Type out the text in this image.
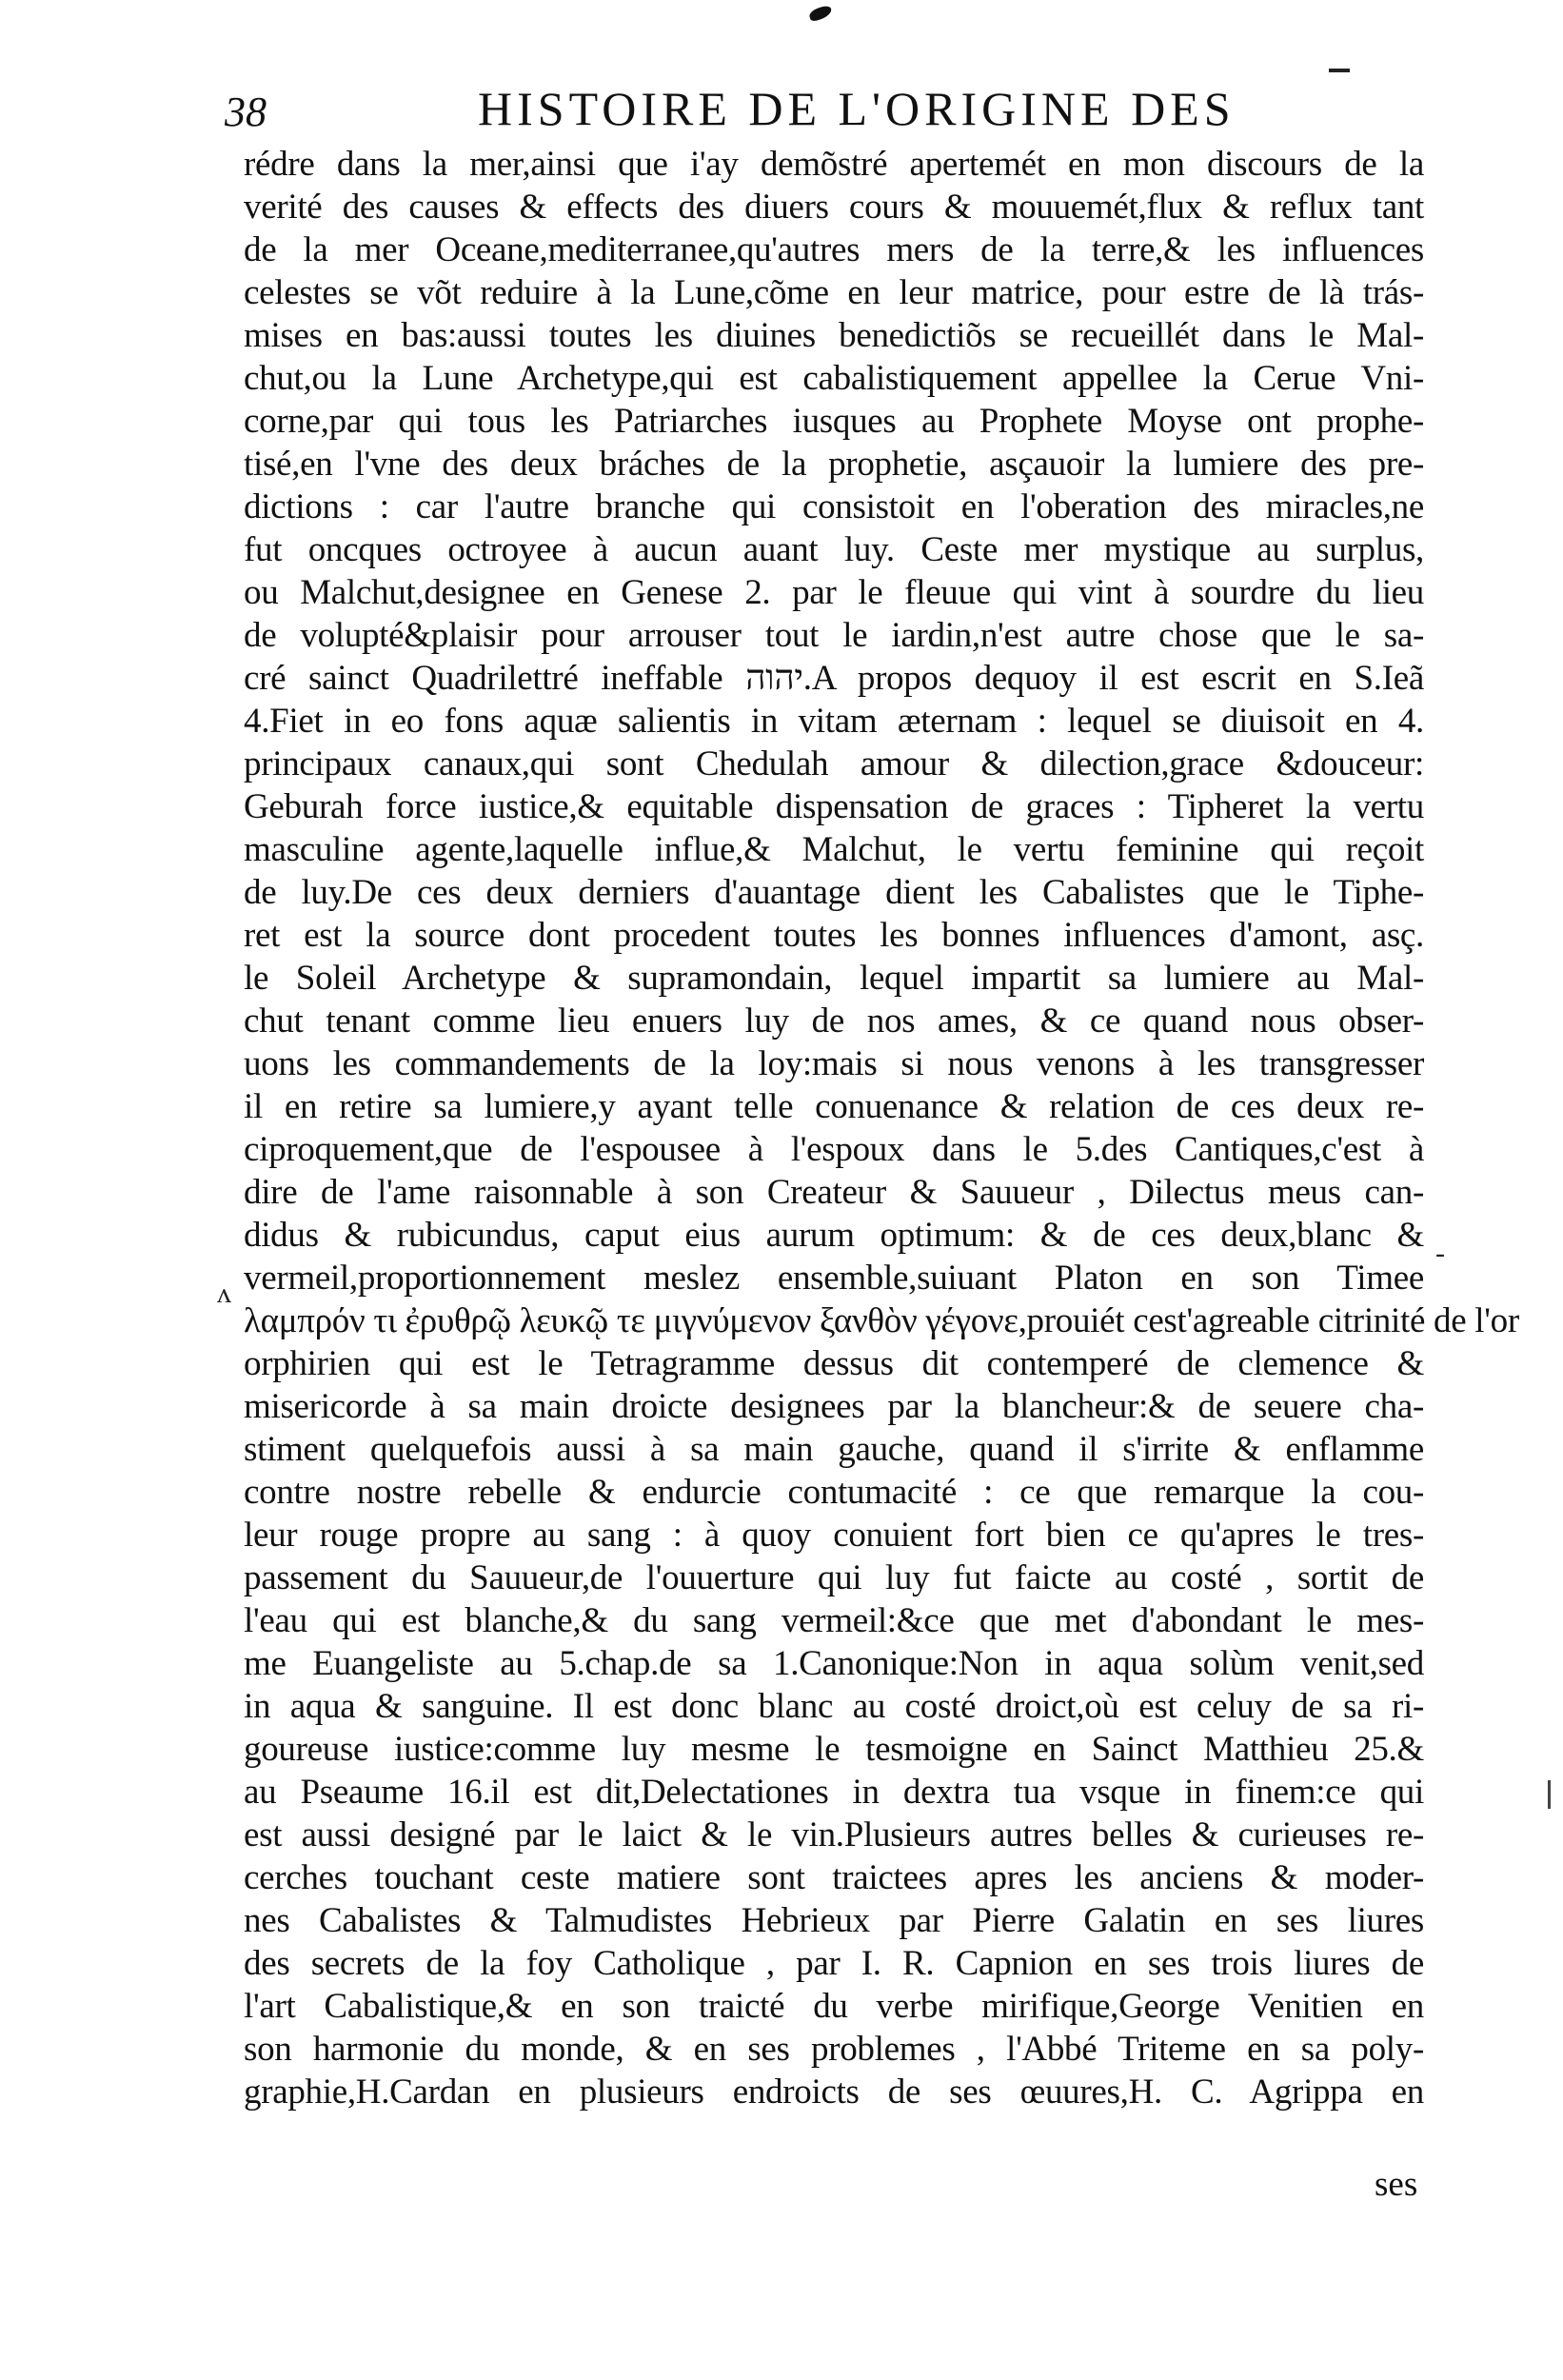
38	HISTOIRE DE L'ORIGINE DES
rédre dans la mer,ainsi que i'ay demõstré apertemét en mon discours de la
verité des causes & effects des diuers cours & mouuemét,flux & reflux tant
de la mer Oceane,mediterranee,qu'autres mers de la terre,& les influences
celestes se võt reduire à la Lune,cõme en leur matrice, pour estre de là trás-
mises en bas:aussi toutes les diuines benedictiõs se recueillét dans le Mal-
chut,ou la Lune Archetype,qui est cabalistiquement appellee la Cerue Vni-
corne,par qui tous les Patriarches iusques au Prophete Moyse ont prophe-
tisé,en l'vne des deux bráches de la prophetie, asçauoir la lumiere des pre-
dictions : car l'autre branche qui consistoit en l'oberation des miracles,ne
fut oncques octroyee à aucun auant luy. Ceste mer mystique au surplus,
ou Malchut,designee en Genese 2. par le fleuue qui vint à sourdre du lieu
de volupté&plaisir pour arrouser tout le iardin,n'est autre chose que le sa-
cré sainct Quadrilettré ineffable יהוה.A propos dequoy il est escrit en S.Ieã
4.Fiet in eo fons aquæ salientis in vitam æternam : lequel se diuisoit en 4.
principaux canaux,qui sont Chedulah amour & dilection,grace &douceur:
Geburah force iustice,& equitable dispensation de graces : Tipheret la vertu
masculine agente,laquelle influe,& Malchut, le vertu feminine qui reçoit
de luy.De ces deux derniers d'auantage dient les Cabalistes que le Tiphe-
ret est la source dont procedent toutes les bonnes influences d'amont, asç.
le Soleil Archetype & supramondain, lequel impartit sa lumiere au Mal-
chut tenant comme lieu enuers luy de nos ames, & ce quand nous obser-
uons les commandements de la loy:mais si nous venons à les transgresser
il en retire sa lumiere,y ayant telle conuenance & relation de ces deux re-
ciproquement,que de l'espousee à l'espoux dans le 5.des Cantiques,c'est à
dire de l'ame raisonnable à son Createur & Sauueur , Dilectus meus can-
didus & rubicundus, caput eius aurum optimum: & de ces deux,blanc &
vermeil,proportionnement meslez ensemble,suiuant Platon en son Timee
λαμπρόν τι ἐρυθρῷ λευκῷ τε μιγνύμενον ξανθὸν γέγονε,prouiét cest'agreable citrinité de l'or
orphirien qui est le Tetragramme dessus dit contemperé de clemence &
misericorde à sa main droicte designees par la blancheur:& de seuere cha-
stiment quelquefois aussi à sa main gauche, quand il s'irrite & enflamme
contre nostre rebelle & endurcie contumacité : ce que remarque la cou-
leur rouge propre au sang : à quoy conuient fort bien ce qu'apres le tres-
passement du Sauueur,de l'ouuerture qui luy fut faicte au costé , sortit de
l'eau qui est blanche,& du sang vermeil:&ce que met d'abondant le mes-
me Euangeliste au 5.chap.de sa 1.Canonique:Non in aqua solùm venit,sed
in aqua & sanguine. Il est donc blanc au costé droict,où est celuy de sa ri-
goureuse iustice:comme luy mesme le tesmoigne en Sainct Matthieu 25.&
au Pseaume 16.il est dit,Delectationes in dextra tua vsque in finem:ce qui
est aussi designé par le laict & le vin.Plusieurs autres belles & curieuses re-
cerches touchant ceste matiere sont traictees apres les anciens & moder-
nes Cabalistes & Talmudistes Hebrieux par Pierre Galatin en ses liures
des secrets de la foy Catholique , par I. R. Capnion en ses trois liures de
l'art Cabalistique,& en son traicté du verbe mirifique,George Venitien en
son harmonie du monde, & en ses problemes , l'Abbé Triteme en sa poly-
graphie,H.Cardan en plusieurs endroicts de ses œuures,H. C. Agrippa en
ses
ʌ
-
